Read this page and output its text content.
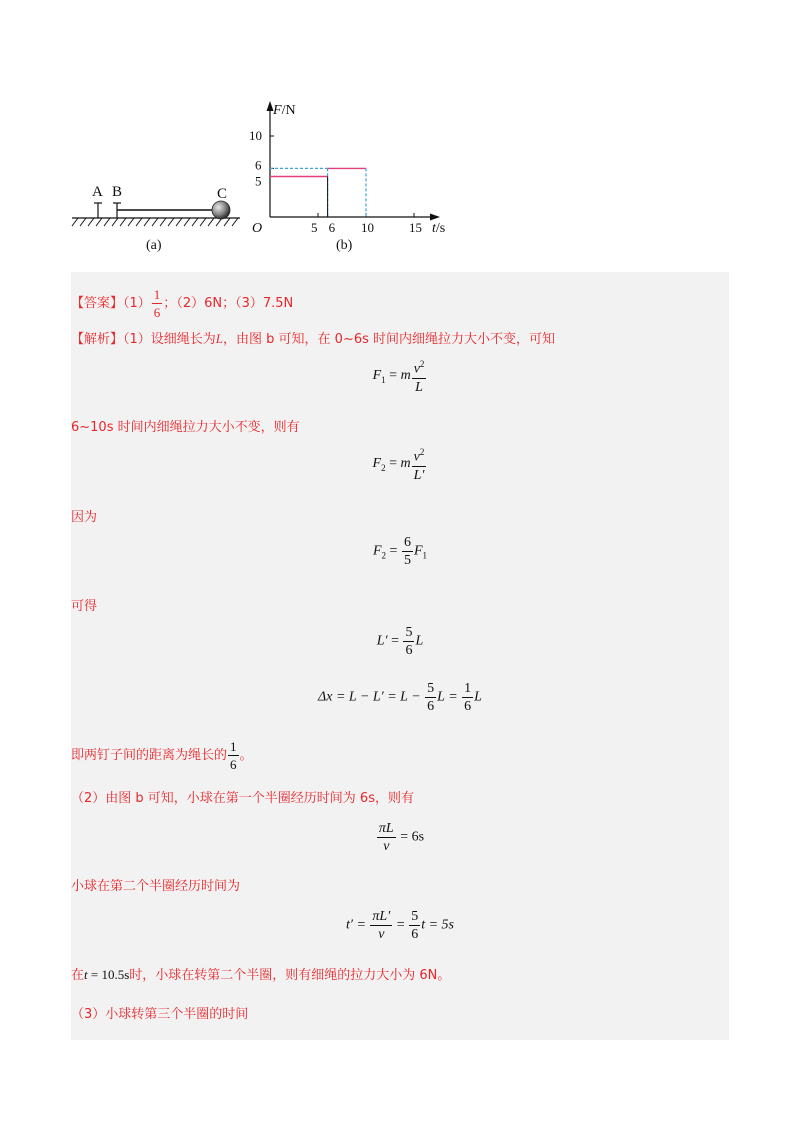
A B	C
(a)
F/N
t/s
O	5 6 10	15
10
6
5
(b)
【答案】$(1) \frac{1}{6}$ ；（2）6N；（3）7.5N
【解析】（1）设细绳长为L，由图 b 可知，在 0~6s 时间内细绳拉力大小不变，可知
$F_1 = m \frac{v^2}{L}$
6~10s 时间内细绳拉力大小不变，则有
$F_2 = m \frac{v^2}{L'}$
因为
$F_2 = \frac{6}{5} F_1$
可得
$L' = \frac{5}{6}$ L
$\Delta x = L - L' = L - \frac{5}{6}$ $L = \frac{1}{6}$ L
即两钉子间的距离为绳长的 $\frac{1}{6}$ 。
（2）由图 b 可知，小球在第一个半圈经历时间为 6s，则有
$\frac{\pi L}{v} = 6s$
小球在第二个半圈经历时间为
$t' = \frac{\pi L'}{v} = \frac{5}{6}$ t = 5s
在t = 10.5s时，小球在转第二个半圈，则有细绳的拉力大小为 6N。
（3）小球转第三个半圈的时间
